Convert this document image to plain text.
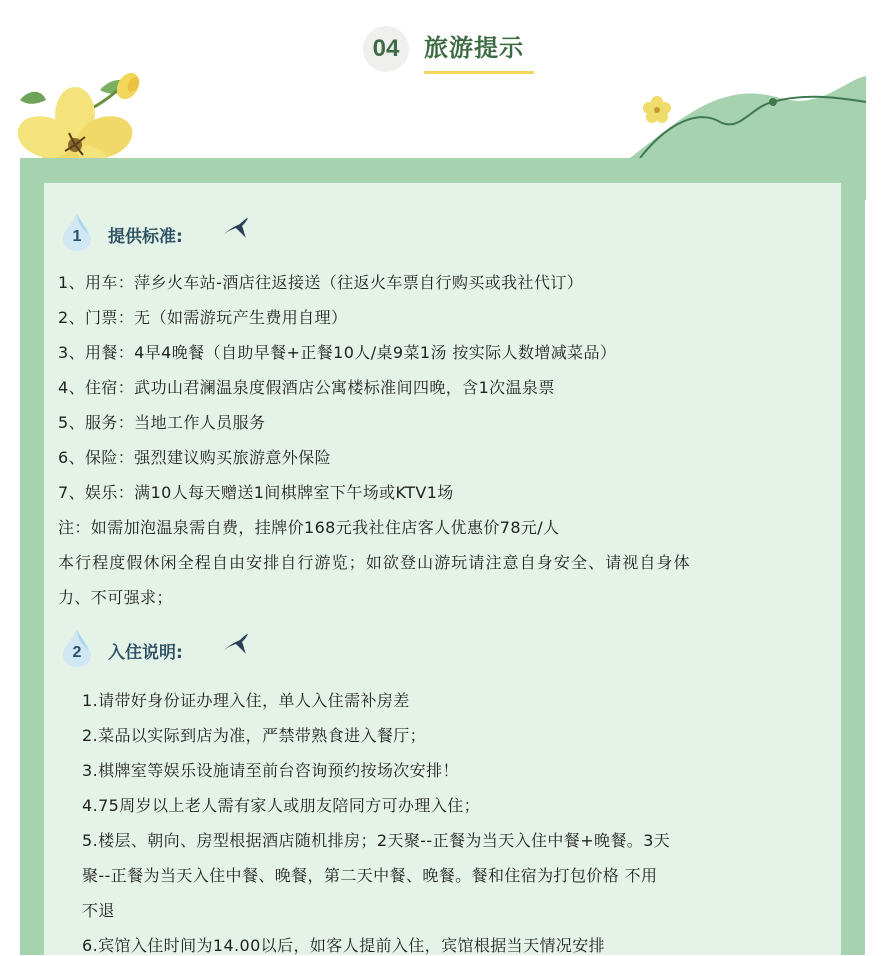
04 旅游提示
1	提供标准:
1、用车：萍乡火车站-酒店往返接送（往返火车票自行购买或我社代订）
2、门票：无（如需游玩产生费用自理）
3、用餐：4早4晚餐（自助早餐+正餐10人/桌9菜1汤 按实际人数增减菜品）
4、住宿：武功山君澜温泉度假酒店公寓楼标准间四晚，含1次温泉票
5、服务：当地工作人员服务
6、保险：强烈建议购买旅游意外保险
7、娱乐：满10人每天赠送1间棋牌室下午场或KTV1场
注：如需加泡温泉需自费，挂牌价168元我社住店客人优惠价78元/人
本行程度假休闲全程自由安排自行游览；如欲登山游玩请注意自身安全、请视自身体
力、不可强求；
2	入住说明:
1.请带好身份证办理入住，单人入住需补房差
2.菜品以实际到店为准，严禁带熟食进入餐厅；
3.棋牌室等娱乐设施请至前台咨询预约按场次安排！
4.75周岁以上老人需有家人或朋友陪同方可办理入住；
5.楼层、朝向、房型根据酒店随机排房；2天聚--正餐为当天入住中餐+晚餐。3天
聚--正餐为当天入住中餐、晚餐，第二天中餐、晚餐。餐和住宿为打包价格 不用
不退
6.宾馆入住时间为14.00以后，如客人提前入住，宾馆根据当天情况安排
